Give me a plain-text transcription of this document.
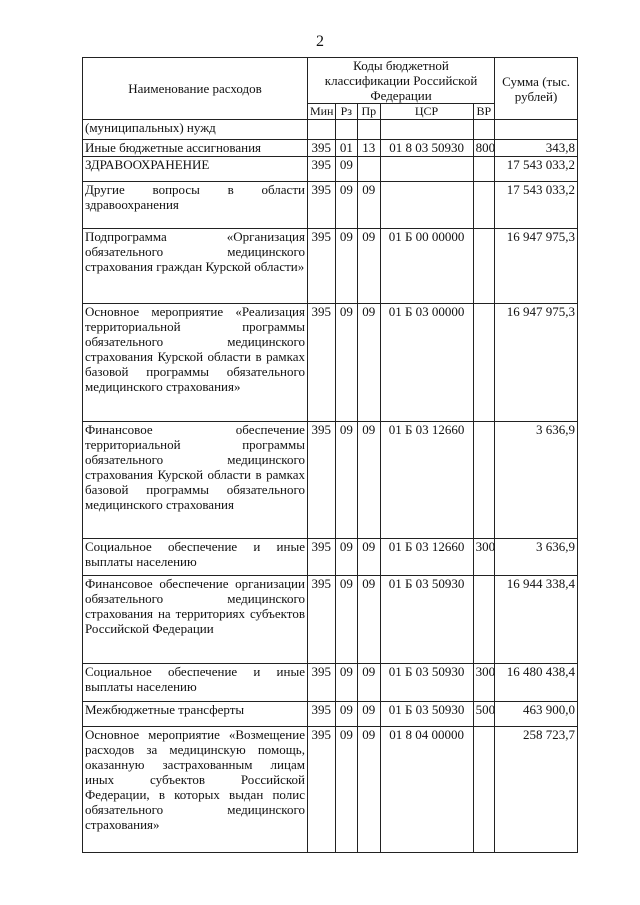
2
Наименование расходов	Коды бюджетной классификации Российской Федерации					Сумма (тыс. рублей)
	Мин	Рз	Пр	ЦСР	ВР	
(муниципальных) нужд						
Иные бюджетные ассигнования	395	01	13	01 8 03 50930	800	343,8
ЗДРАВООХРАНЕНИЕ	395	09				17 543 033,2
Другие вопросы в области здравоохранения	395	09	09			17 543 033,2
Подпрограмма «Организация обязательного медицинского страхования граждан Курской области»	395	09	09	01 Б 00 00000		16 947 975,3
Основное мероприятие «Реализация территориальной программы обязательного медицинского страхования Курской области в рамках базовой программы обязательного медицинского страхования»	395	09	09	01 Б 03 00000		16 947 975,3
Финансовое обеспечение территориальной программы обязательного медицинского страхования Курской области в рамках базовой программы обязательного медицинского страхования	395	09	09	01 Б 03 12660		3 636,9
Социальное обеспечение и иные выплаты населению	395	09	09	01 Б 03 12660	300	3 636,9
Финансовое обеспечение организации обязательного медицинского страхования на территориях субъектов Российской Федерации	395	09	09	01 Б 03 50930		16 944 338,4
Социальное обеспечение и иные выплаты населению	395	09	09	01 Б 03 50930	300	16 480 438,4
Межбюджетные трансферты	395	09	09	01 Б 03 50930	500	463 900,0
Основное мероприятие «Возмещение расходов за медицинскую помощь, оказанную застрахованным лицам иных субъектов Российской Федерации, в которых выдан полис обязательного медицинского страхования»	395	09	09	01 8 04 00000		258 723,7
